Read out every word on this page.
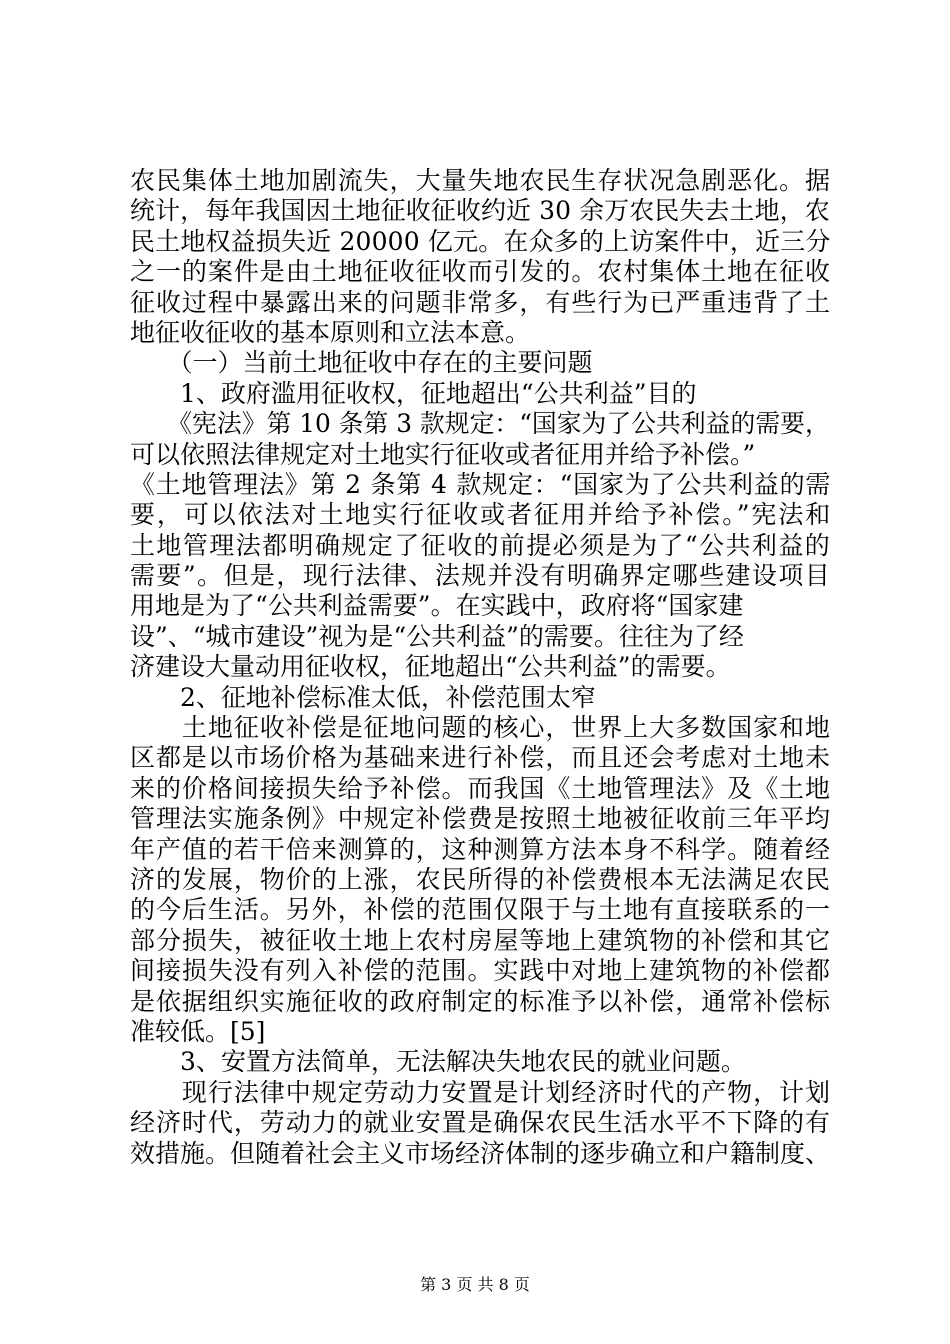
农民集体土地加剧流失，大量失地农民生存状况急剧恶化。据
统计，每年我国因土地征收征收约近 30 余万农民失去土地，农
民土地权益损失近 20000 亿元。在众多的上访案件中，近三分
之一的案件是由土地征收征收而引发的。农村集体土地在征收
征收过程中暴露出来的问题非常多，有些行为已严重违背了土
地征收征收的基本原则和立法本意。
　　（一）当前土地征收中存在的主要问题
　　1、政府滥用征收权，征地超出“公共利益”目的
　　《宪法》第 10 条第 3 款规定：“国家为了公共利益的需要，
可以依照法律规定对土地实行征收或者征用并给予补偿。”
《土地管理法》第 2 条第 4 款规定：“国家为了公共利益的需
要，可以依法对土地实行征收或者征用并给予补偿。”宪法和
土地管理法都明确规定了征收的前提必须是为了“公共利益的
需要”。但是，现行法律、法规并没有明确界定哪些建设项目
用地是为了“公共利益需要”。在实践中，政府将“国家建
设”、“城市建设”视为是“公共利益”的需要。往往为了经
济建设大量动用征收权，征地超出“公共利益”的需要。
　　2、征地补偿标准太低，补偿范围太窄
　　土地征收补偿是征地问题的核心，世界上大多数国家和地
区都是以市场价格为基础来进行补偿，而且还会考虑对土地未
来的价格间接损失给予补偿。而我国《土地管理法》及《土地
管理法实施条例》中规定补偿费是按照土地被征收前三年平均
年产值的若干倍来测算的，这种测算方法本身不科学。随着经
济的发展，物价的上涨，农民所得的补偿费根本无法满足农民
的今后生活。另外，补偿的范围仅限于与土地有直接联系的一
部分损失，被征收土地上农村房屋等地上建筑物的补偿和其它
间接损失没有列入补偿的范围。实践中对地上建筑物的补偿都
是依据组织实施征收的政府制定的标准予以补偿，通常补偿标
准较低。[5]
　　3、安置方法简单，无法解决失地农民的就业问题。
　　现行法律中规定劳动力安置是计划经济时代的产物，计划
经济时代，劳动力的就业安置是确保农民生活水平不下降的有
效措施。但随着社会主义市场经济体制的逐步确立和户籍制度、
第 3 页 共 8 页
